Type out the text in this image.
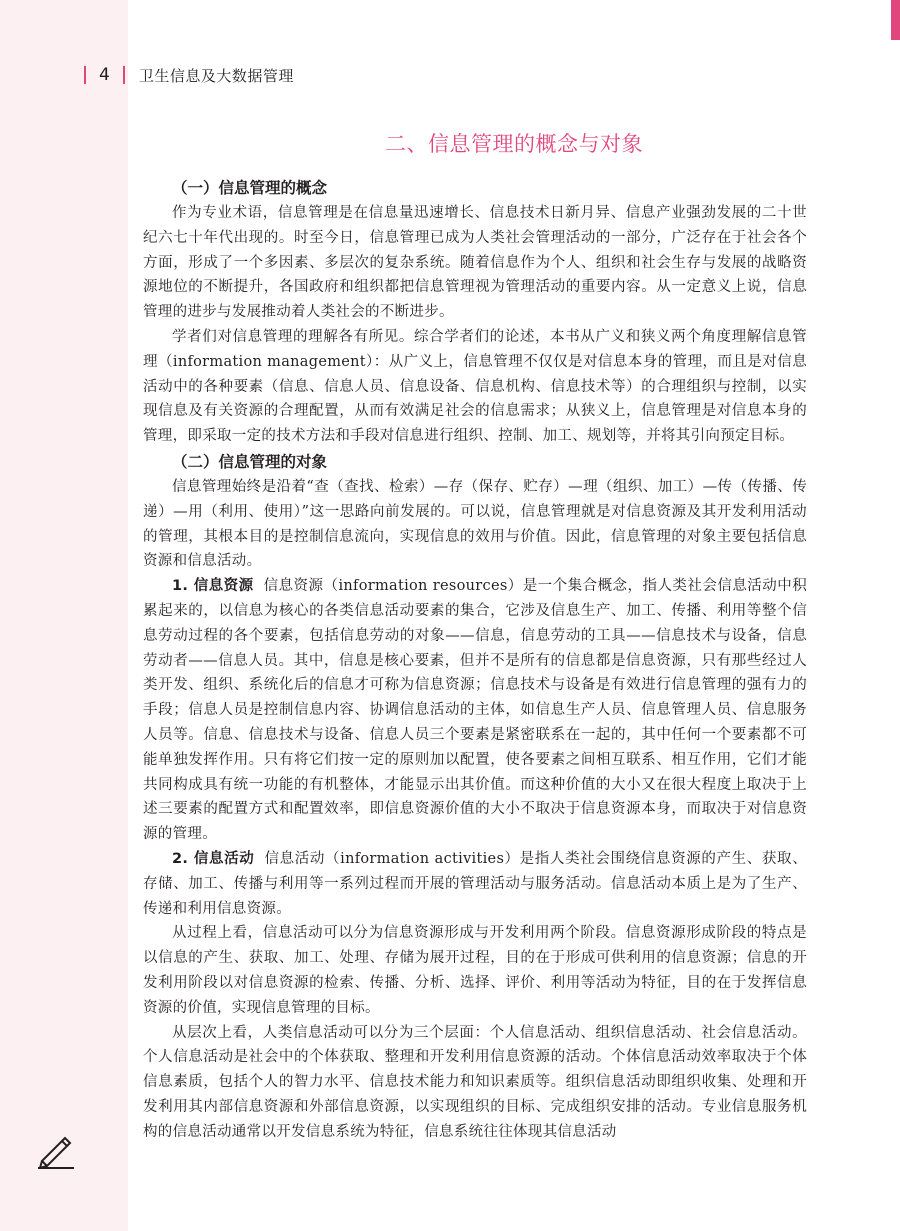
4	卫生信息及大数据管理
二、信息管理的概念与对象
（一）信息管理的概念

作为专业术语，信息管理是在信息量迅速增长、信息技术日新月异、信息产业强劲发展的二十世纪六七十年代出现的。时至今日，信息管理已成为人类社会管理活动的一部分，广泛存在于社会各个方面，形成了一个多因素、多层次的复杂系统。随着信息作为个人、组织和社会生存与发展的战略资源地位的不断提升，各国政府和组织都把信息管理视为管理活动的重要内容。从一定意义上说，信息管理的进步与发展推动着人类社会的不断进步。

学者们对信息管理的理解各有所见。综合学者们的论述，本书从广义和狭义两个角度理解信息管理（information management）：从广义上，信息管理不仅仅是对信息本身的管理，而且是对信息活动中的各种要素（信息、信息人员、信息设备、信息机构、信息技术等）的合理组织与控制，以实现信息及有关资源的合理配置，从而有效满足社会的信息需求；从狭义上，信息管理是对信息本身的管理，即采取一定的技术方法和手段对信息进行组织、控制、加工、规划等，并将其引向预定目标。

（二）信息管理的对象

信息管理始终是沿着“查（查找、检索）—存（保存、贮存）—理（组织、加工）—传（传播、传递）—用（利用、使用）”这一思路向前发展的。可以说，信息管理就是对信息资源及其开发利用活动的管理，其根本目的是控制信息流向，实现信息的效用与价值。因此，信息管理的对象主要包括信息资源和信息活动。

1. 信息资源 信息资源（information resources）是一个集合概念，指人类社会信息活动中积累起来的，以信息为核心的各类信息活动要素的集合，它涉及信息生产、加工、传播、利用等整个信息劳动过程的各个要素，包括信息劳动的对象——信息，信息劳动的工具——信息技术与设备，信息劳动者——信息人员。其中，信息是核心要素，但并不是所有的信息都是信息资源，只有那些经过人类开发、组织、系统化后的信息才可称为信息资源；信息技术与设备是有效进行信息管理的强有力的手段；信息人员是控制信息内容、协调信息活动的主体，如信息生产人员、信息管理人员、信息服务人员等。信息、信息技术与设备、信息人员三个要素是紧密联系在一起的，其中任何一个要素都不可能单独发挥作用。只有将它们按一定的原则加以配置，使各要素之间相互联系、相互作用，它们才能共同构成具有统一功能的有机整体，才能显示出其价值。而这种价值的大小又在很大程度上取决于上述三要素的配置方式和配置效率，即信息资源价值的大小不取决于信息资源本身，而取决于对信息资源的管理。

2. 信息活动 信息活动（information activities）是指人类社会围绕信息资源的产生、获取、存储、加工、传播与利用等一系列过程而开展的管理活动与服务活动。信息活动本质上是为了生产、传递和利用信息资源。

从过程上看，信息活动可以分为信息资源形成与开发利用两个阶段。信息资源形成阶段的特点是以信息的产生、获取、加工、处理、存储为展开过程，目的在于形成可供利用的信息资源；信息的开发利用阶段以对信息资源的检索、传播、分析、选择、评价、利用等活动为特征，目的在于发挥信息资源的价值，实现信息管理的目标。

从层次上看，人类信息活动可以分为三个层面：个人信息活动、组织信息活动、社会信息活动。个人信息活动是社会中的个体获取、整理和开发利用信息资源的活动。个体信息活动效率取决于个体信息素质，包括个人的智力水平、信息技术能力和知识素质等。组织信息活动即组织收集、处理和开发利用其内部信息资源和外部信息资源，以实现组织的目标、完成组织安排的活动。专业信息服务机构的信息活动通常以开发信息系统为特征，信息系统往往体现其信息活动
